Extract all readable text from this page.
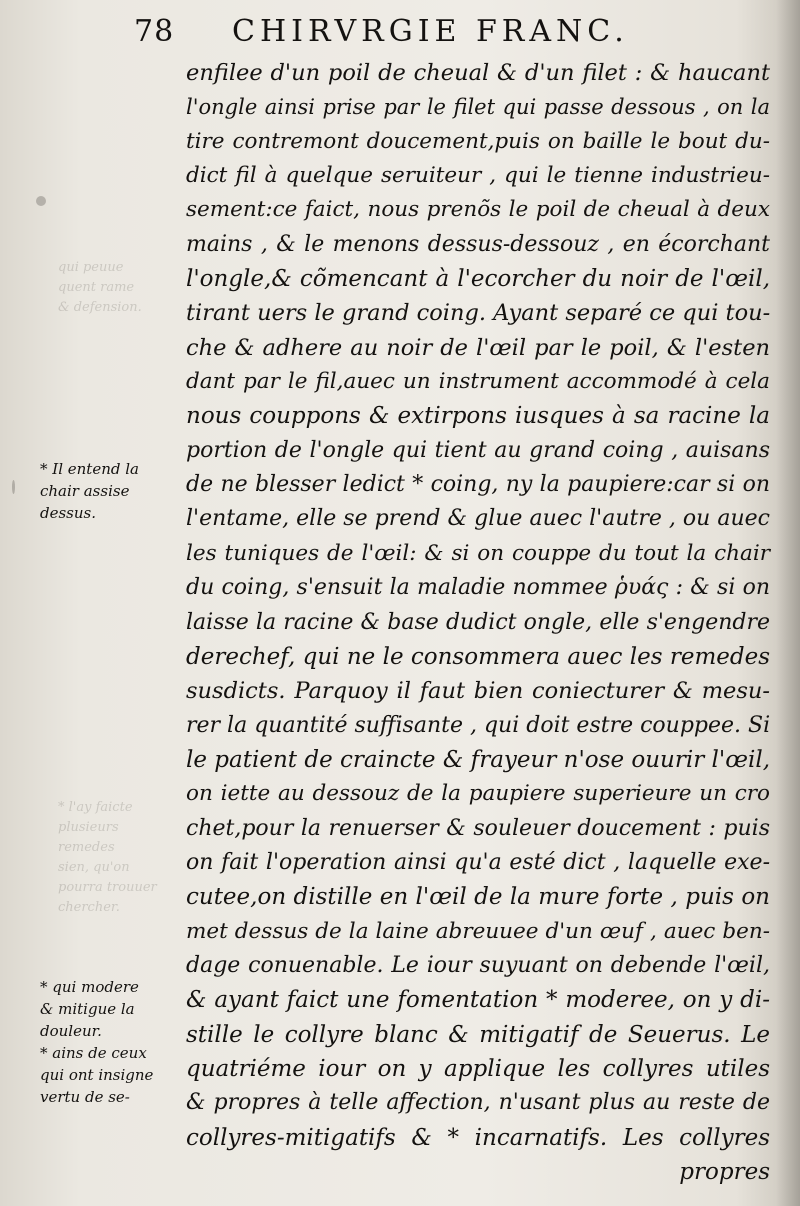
78 CHIRVRGIE FRANC.
qui peuue
quent rame
& defension.
* l'ay faicte
plusieurs
remedes
sien, qu'on
pourra trouuer
chercher.
enfilee d'un poil de cheual & d'un filet : & haucant
l'ongle ainsi prise par le filet qui passe dessous , on la
tire contremont doucement,puis on baille le bout du-
dict fil à quelque seruiteur , qui le tienne industrieu-
sement:ce faict, nous prenõs le poil de cheual à deux
mains , & le menons dessus-dessouz , en écorchant
l'ongle,& cõmencant à l'ecorcher du noir de l'œil,
tirant uers le grand coing. Ayant separé ce qui tou-
che & adhere au noir de l'œil par le poil, & l'esten
dant par le fil,auec un instrument accommodé à cela
nous couppons & extirpons iusques à sa racine la
portion de l'ongle qui tient au grand coing , auisans
de ne blesser ledict * coing, ny la paupiere:car si on
l'entame, elle se prend & glue auec l'autre , ou auec
les tuniques de l'œil: & si on couppe du tout la chair
du coing, s'ensuit la maladie nommee ῥυάς : & si on
laisse la racine & base dudict ongle, elle s'engendre
derechef, qui ne le consommera auec les remedes
susdicts. Parquoy il faut bien coniecturer & mesu-
rer la quantité suffisante , qui doit estre couppee. Si
le patient de craincte & frayeur n'ose ouurir l'œil,
on iette au dessouz de la paupiere superieure un cro
chet,pour la renuerser & souleuer doucement : puis
on fait l'operation ainsi qu'a esté dict , laquelle exe-
cutee,on distille en l'œil de la mure forte , puis on
met dessus de la laine abreuuee d'un œuf , auec ben-
dage conuenable. Le iour suyuant on debende l'œil,
& ayant faict une fomentation * moderee, on y di-
stille le collyre blanc & mitigatif de Seuerus. Le
quatriéme iour on y applique les collyres utiles
& propres à telle affection, n'usant plus au reste de
collyres-mitigatifs & * incarnatifs. Les collyres
propres
* Il entend la
chair assise
dessus.
* qui modere
& mitigue la
douleur.
* ains de ceux
qui ont insigne
vertu de se-
